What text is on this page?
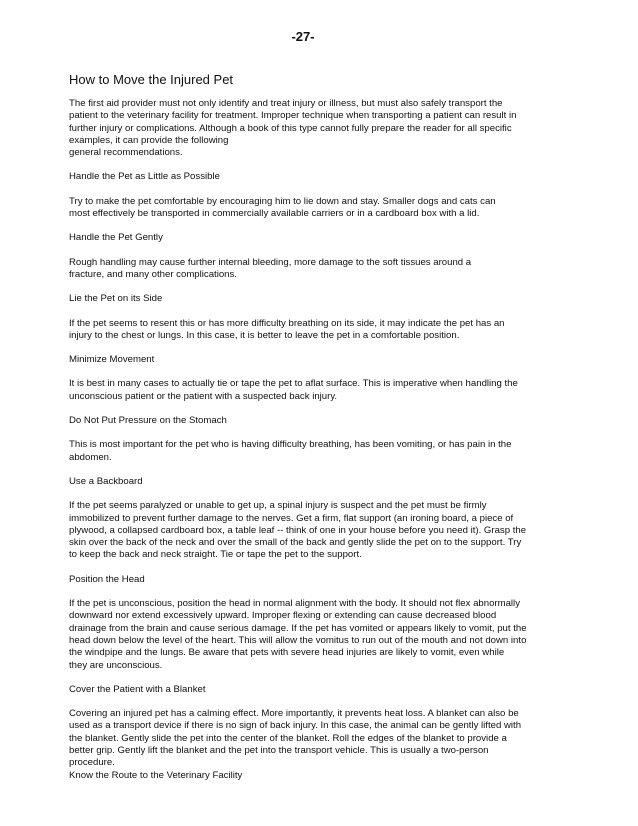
-27-
How to Move the Injured Pet

The first aid provider must not only identify and treat injury or illness, but must also safely transport the
patient to the veterinary facility for treatment. Improper technique when transporting a patient can result in
further injury or complications. Although a book of this type cannot fully prepare the reader for all specific
examples, it can provide the following
general recommendations.

Handle the Pet as Little as Possible

Try to make the pet comfortable by encouraging him to lie down and stay. Smaller dogs and cats can
most effectively be transported in commercially available carriers or in a cardboard box with a lid.

Handle the Pet Gently

Rough handling may cause further internal bleeding, more damage to the soft tissues around a
fracture, and many other complications.

Lie the Pet on its Side

If the pet seems to resent this or has more difficulty breathing on its side, it may indicate the pet has an
injury to the chest or lungs. In this case, it is better to leave the pet in a comfortable position.

Minimize Movement

It is best in many cases to actually tie or tape the pet to aflat surface. This is imperative when handling the
unconscious patient or the patient with a suspected back injury.

Do Not Put Pressure on the Stomach

This is most important for the pet who is having difficulty breathing, has been vomiting, or has pain in the
abdomen.

Use a Backboard

If the pet seems paralyzed or unable to get up, a spinal injury is suspect and the pet must be firmly
immobilized to prevent further damage to the nerves. Get a firm, flat support (an ironing board, a piece of
plywood, a collapsed cardboard box, a table leaf -- think of one in your house before you need it). Grasp the
skin over the back of the neck and over the small of the back and gently slide the pet on to the support. Try
to keep the back and neck straight. Tie or tape the pet to the support.

Position the Head

If the pet is unconscious, position the head in normal alignment with the body. It should not flex abnormally
downward nor extend excessively upward. Improper flexing or extending can cause decreased blood
drainage from the brain and cause serious damage. If the pet has vomited or appears likely to vomit, put the
head down below the level of the heart. This will allow the vomitus to run out of the mouth and not down into
the windpipe and the lungs. Be aware that pets with severe head injuries are likely to vomit, even while
they are unconscious.

Cover the Patient with a Blanket

Covering an injured pet has a calming effect. More importantly, it prevents heat loss. A blanket can also be
used as a transport device if there is no sign of back injury. In this case, the animal can be gently lifted with
the blanket. Gently slide the pet into the center of the blanket. Roll the edges of the blanket to provide a
better grip. Gently lift the blanket and the pet into the transport vehicle. This is usually a two-person
procedure.

Know the Route to the Veterinary Facility
